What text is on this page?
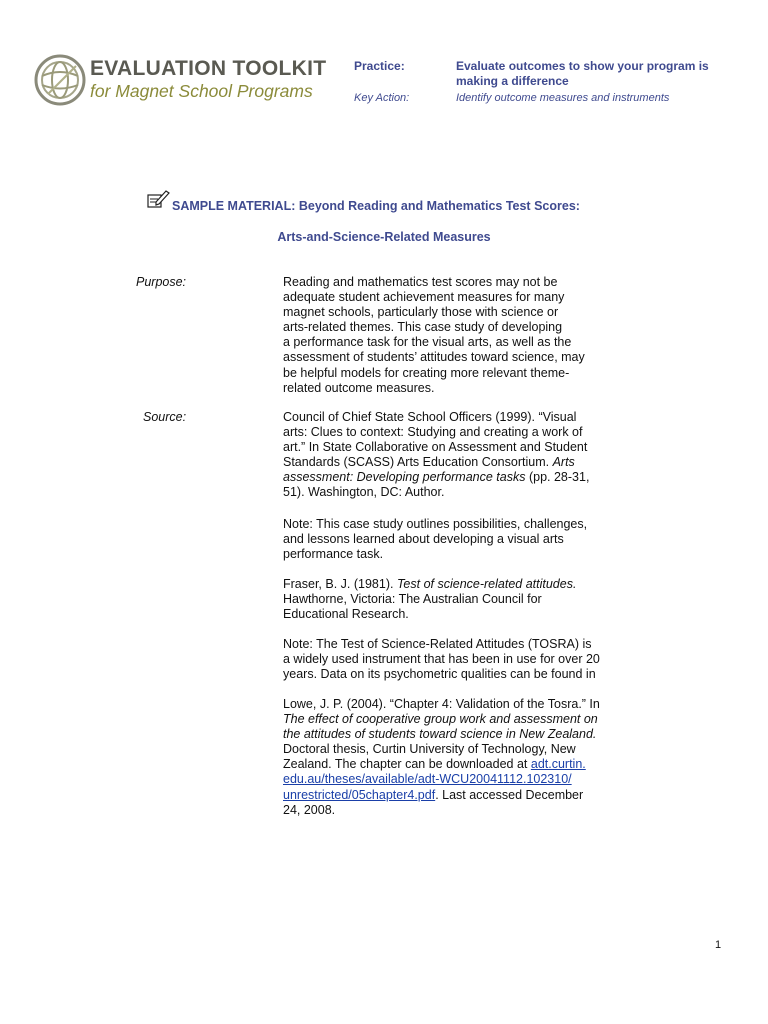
EVALUATION TOOLKIT
for Magnet School Programs
Practice:	Evaluate outcomes to show your program is making a difference
Key Action:	Identify outcome measures and instruments
SAMPLE MATERIAL: Beyond Reading and Mathematics Test Scores:
Arts-and-Science-Related Measures
Purpose:	Reading and mathematics test scores may not be
adequate student achievement measures for many
magnet schools, particularly those with science or
arts-related themes. This case study of developing
a performance task for the visual arts, as well as the
assessment of students’ attitudes toward science, may
be helpful models for creating more relevant theme-
related outcome measures.
Source:	Council of Chief State School Officers (1999). “Visual
arts: Clues to context: Studying and creating a work of
art.” In State Collaborative on Assessment and Student
Standards (SCASS) Arts Education Consortium. Arts
assessment: Developing performance tasks (pp. 28-31,
51). Washington, DC: Author.
Note: This case study outlines possibilities, challenges,
and lessons learned about developing a visual arts
performance task.
Fraser, B. J. (1981). Test of science-related attitudes.
Hawthorne, Victoria: The Australian Council for
Educational Research.
Note: The Test of Science-Related Attitudes (TOSRA) is
a widely used instrument that has been in use for over 20
years. Data on its psychometric qualities can be found in
Lowe, J. P. (2004). “Chapter 4: Validation of the Tosra.” In
The effect of cooperative group work and assessment on
the attitudes of students toward science in New Zealand.
Doctoral thesis, Curtin University of Technology, New
Zealand. The chapter can be downloaded at adt.curtin.
edu.au/theses/available/adt-WCU20041112.102310/
unrestricted/05chapter4.pdf. Last accessed December
24, 2008.
1
